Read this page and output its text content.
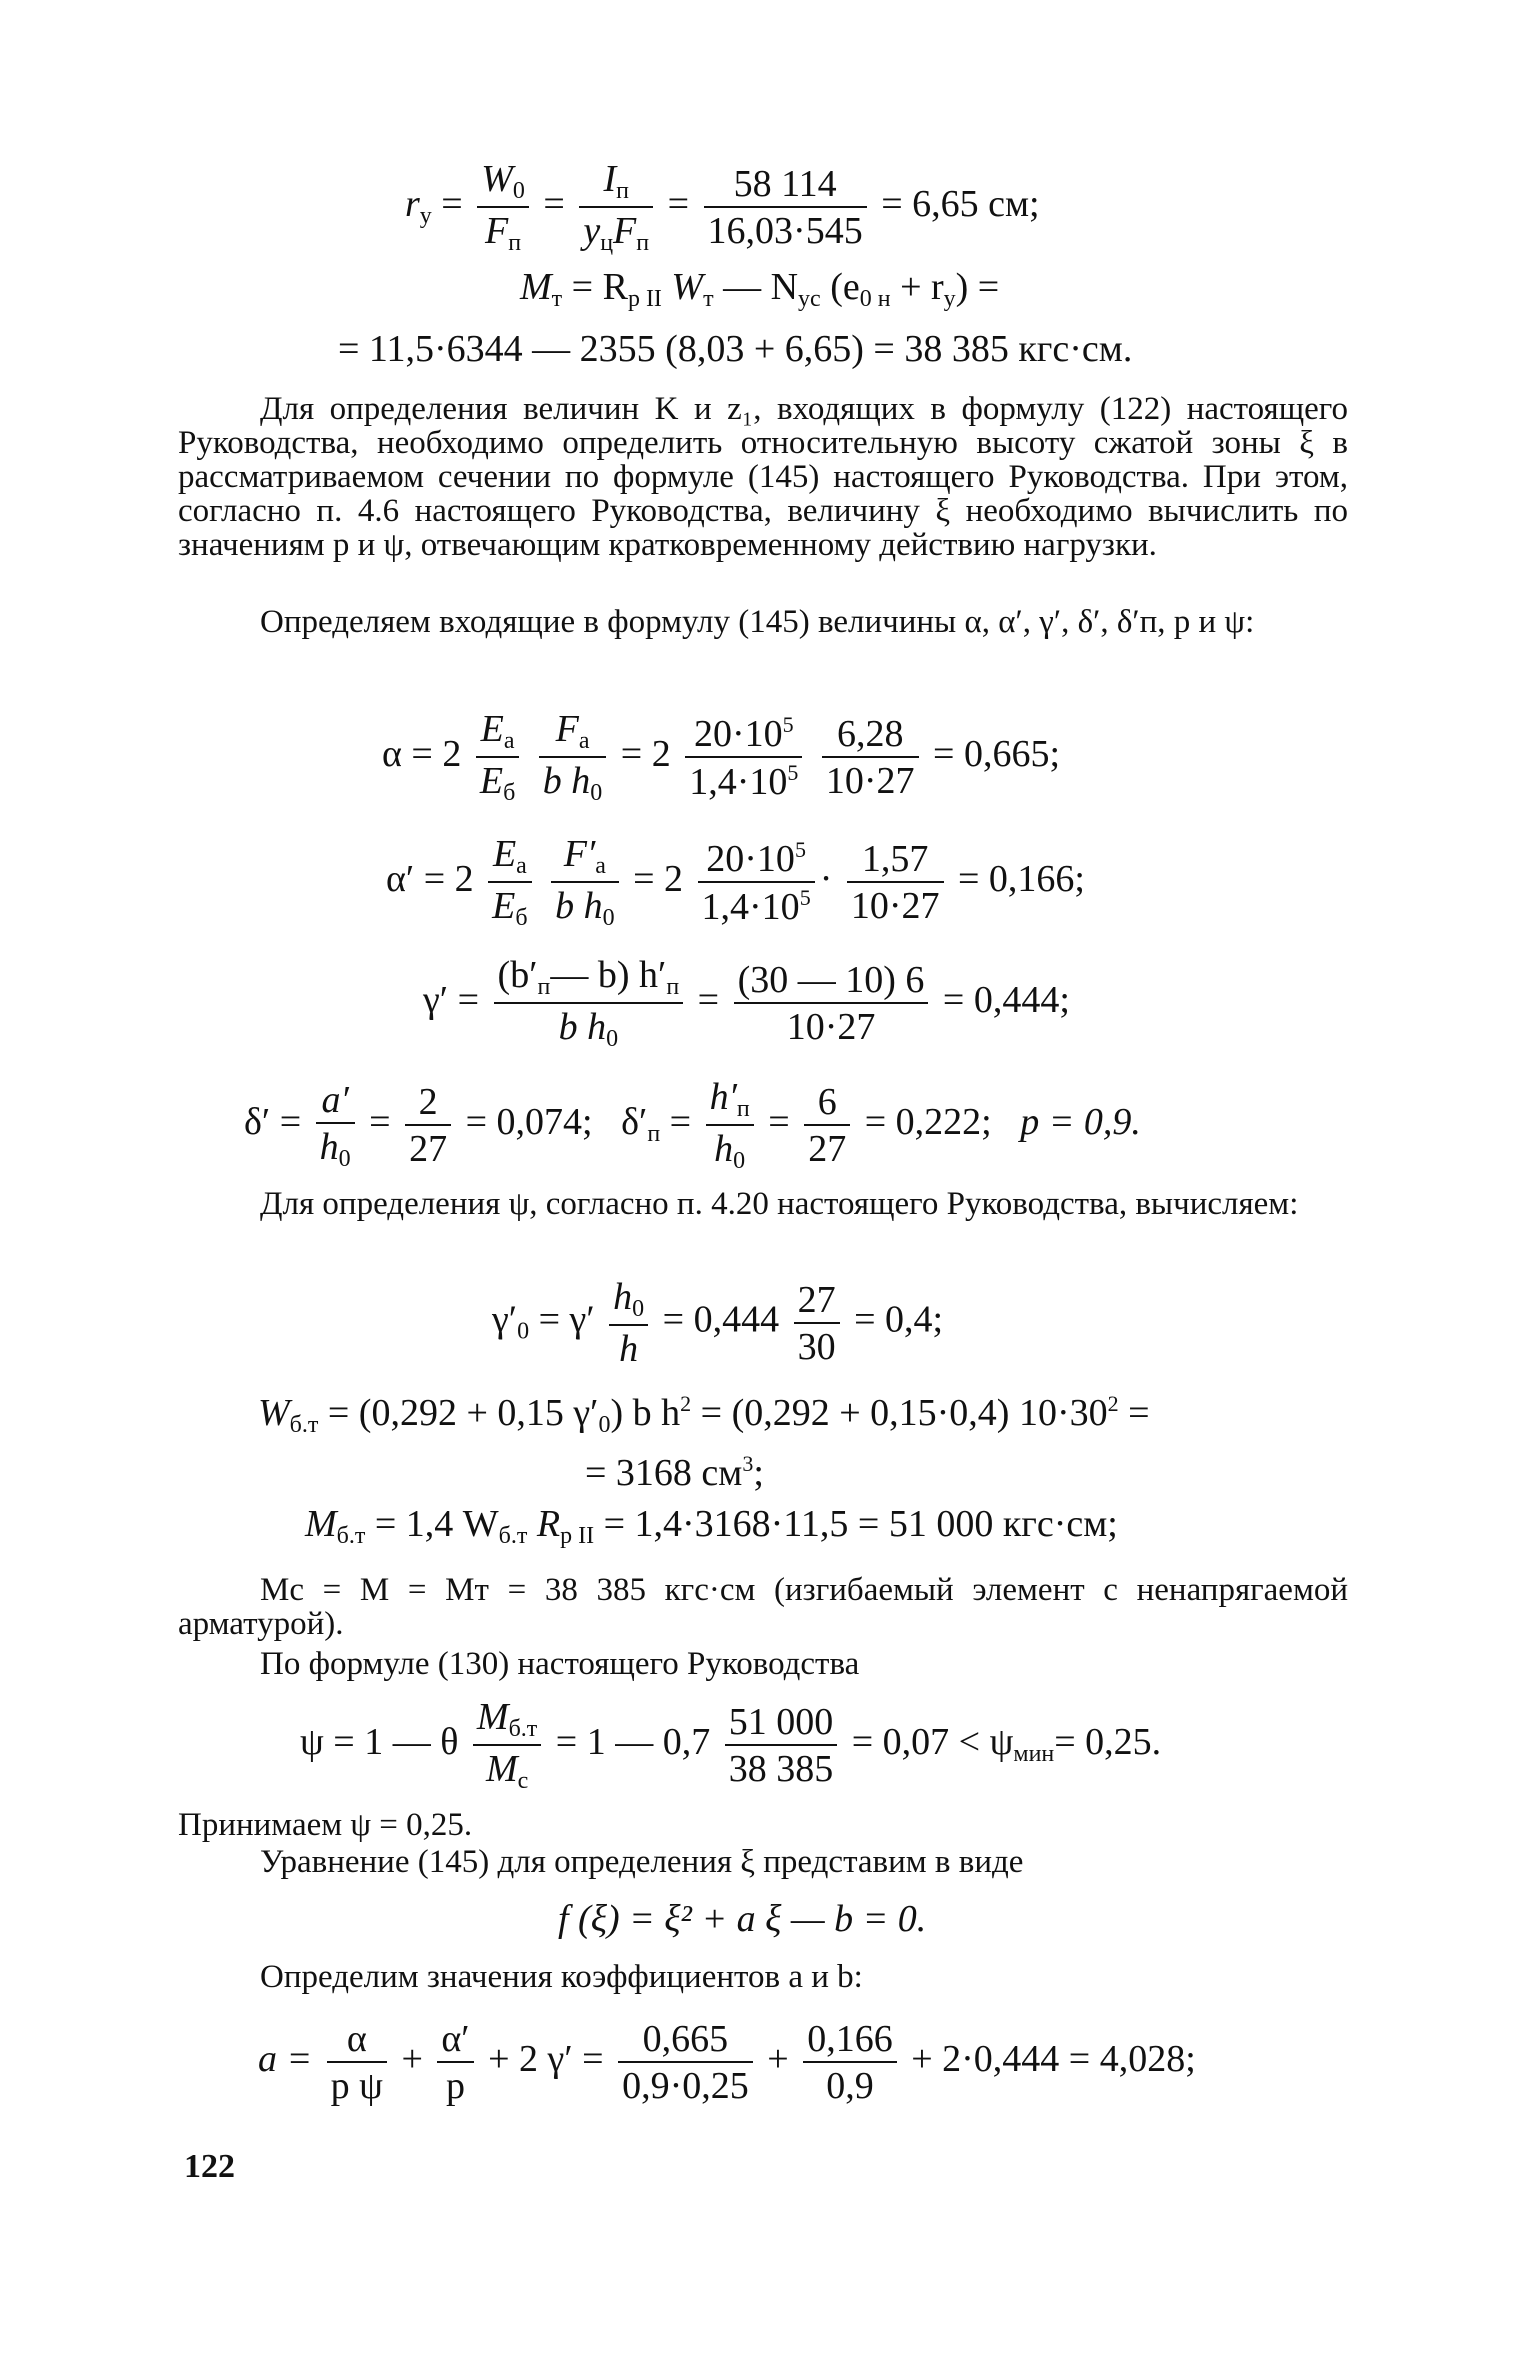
$r_у = \frac{W_0}{F_п} = \frac{I_п}{y_цF_п} = \frac{58 114}{16,03\cdot 545} = 6,65$ см;
$M_т = R_{p II}$ $W_т$ — $N_{ус}$ $(e_{0 н} + r_у)$ =
= 11,5·6344 — 2355 (8,03 + 6,65) = 38 385 кгс·см.
Для определения величин K и z₁, входящих в формулу (122) настоящего Руководства, необходимо определить относительную высоту сжатой зоны ξ в рассматриваемом сечении по формуле (145) настоящего Руководства. При этом, согласно п. 4.6 настоящего Руководства, величину ξ необходимо вычислить по значениям p и ψ, отвечающим кратковременному действию нагрузки.
Определяем входящие в формулу (145) величины α, α′, γ′, δ′, δ′п, p и ψ:
$\alpha = 2 \frac{E_а}{E_б}$
$\frac{F_а}{b h_0} = 2 \frac{20\cdot 10^5}{1,4\cdot 10^5}$
$\frac{6,28}{10\cdot 27} = 0,665$;
$\alpha' = 2 \frac{E_а}{E_б}$
$\frac{F'_а}{b h_0} = 2 \frac{20\cdot 10^5}{1,4\cdot 10^5} \cdot \frac{1,57}{10\cdot 27} = 0,166$;
$\gamma' = \frac{(b'_п— b) h'_п}{b h_0} = \frac{(30 — 10) 6}{10\cdot 27} = 0,444$;
$\delta' = \frac{a'}{h_0} = \frac{2}{27} = 0,074$; $\delta'_п = \frac{h'_п}{h_0} = \frac{6}{27} = 0,222$; p = 0,9.
Для определения ψ, согласно п. 4.20 настоящего Руководства, вычисляем:
$\gamma'_0 = \gamma' \frac{h_0}{h} = 0,444 \frac{27}{30} = 0,4$;
$W_{б.т} = (0,292 + 0,15$ $\gamma'_0$) b $h^2 = (0,292 + 0,15\cdot 0,4) 10\cdot 30^2$ =
= 3168 $см^3$;
$M_{б.т} = 1,4$ $W_{б.т}$ $R_{p II} = 1,4\cdot 3168\cdot 11,5 = 51$ 000 кгс·см;
Mс = M = Mт = 38 385 кгс·см (изгибаемый элемент с ненапрягаемой арматурой).
По формуле (130) настоящего Руководства
ψ = 1 — θ $\frac{M_{б.т}}{M_c} = 1$ — $0,7 \frac{51 000}{38 385} = 0,07 < \psi_{мин}= 0,25$.
Принимаем ψ = 0,25.
Уравнение (145) для определения ξ представим в виде
f (ξ) = ξ² + a ξ — b = 0.
Определим значения коэффициентов a и b:
$a = \frac{\alpha}{\text{p ψ}} + \frac{\alpha'}{p} + 2$ $\gamma' = \frac{0,665}{0,9\cdot 0,25} + \frac{0,166}{0,9} + 2\cdot 0,444 = 4,028$;
122
